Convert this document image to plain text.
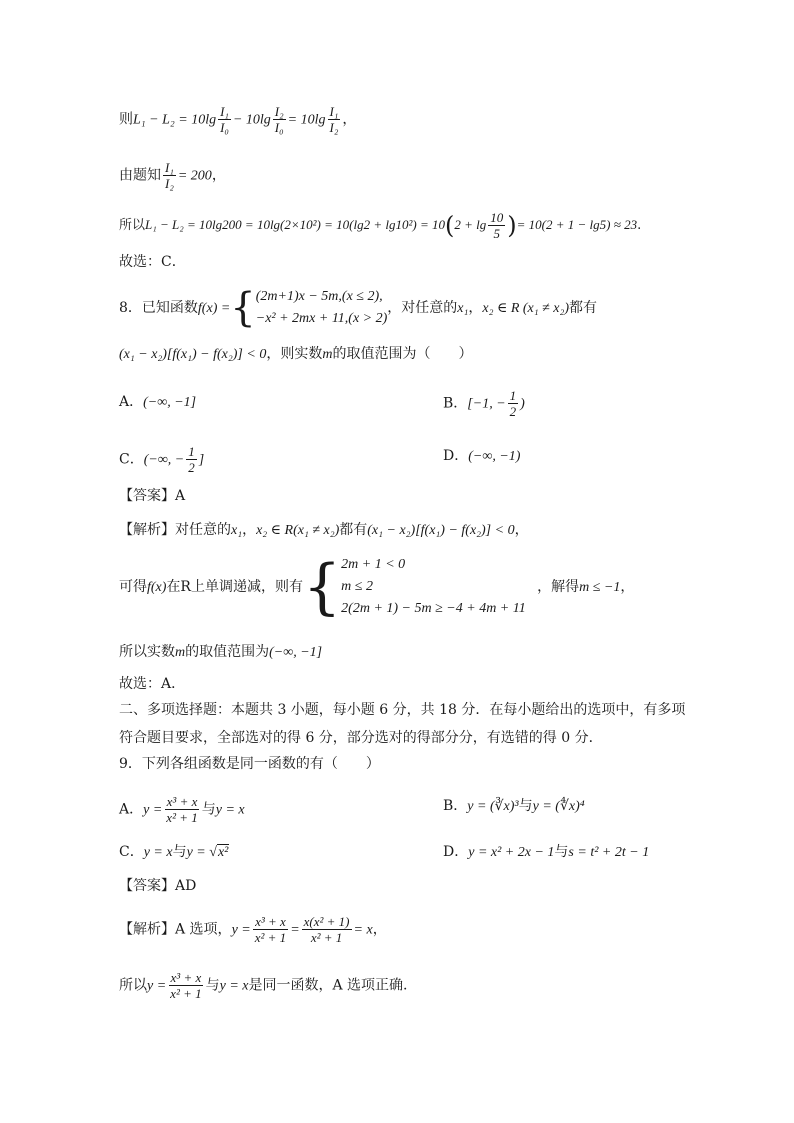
则$L_1 - L_2 = 10\lg \frac{\text{I₁}}{\text{I₀}} - 10\lg \frac{\text{I₂}}{\text{I₀}} = 10\lg \frac{\text{I₁}}{\text{I₂}}$ ，
由题知 $\frac{\text{I₁}}{\text{I₂}} = 200$，
所以$L_1 - L_2 = 10\lg 200 = 10\lg(2\times 10^2) = 10(\lg 2 + \lg 10^2) = 10(2 + \lg \frac{10}{5}$ )= 10(2 + 1 − lg5) ≈ 23.
故选：C．
8．已知函数f(x) ={ (2m+1)x − 5m,(x ≤ 2),
−x² + 2mx + 11,(x > 2)
，对任意的x₁，x₂ ∈ R (x₁ ≠ x₂)都有
(x₁ − x₂)[f(x₁) − f(x₂)] < 0，则实数m的取值范围为（　　）
A．(−∞, −1]	B．[−1, − $\frac{1}{2}$ )
C．(−∞, − $\frac{1}{2}$ ]	D．(−∞, −1)
【答案】A
【解析】对任意的x₁，x₂ ∈ R(x₁ ≠ x₂)都有(x₁ − x₂)[f(x₁) − f(x₂)] < 0，
可得f(x)在R上单调递减，则有{ 2m + 1 < 0
m ≤ 2
2(2m + 1) − 5m ≥ −4 + 4m + 11
，解得m ≤ −1，
所以实数m的取值范围为(−∞, −1]
故选：A．
二、多项选择题：本题共 3 小题，每小题 6 分，共 18 分．在每小题给出的选项中，有多项
符合题目要求，全部选对的得 6 分，部分选对的得部分分，有选错的得 0 分．
9．下列各组函数是同一函数的有（　　）
A．$y = \frac{\text{x³ + x}}{\text{x² + 1}}$ 与y = x	B．y = (∛x)³与y = (∜x)⁴
C．y = x与y = √x²	D．y = x² + 2x − 1与s = t² + 2t − 1
【答案】AD
【解析】A 选项，$y = \frac{\text{x³ + x}}{\text{x² + 1}} = \frac{\text{x(x² + 1)}}{\text{x² + 1}} = x$，
所以$y = \frac{\text{x³ + x}}{\text{x² + 1}}$ 与y = x是同一函数，A 选项正确.
